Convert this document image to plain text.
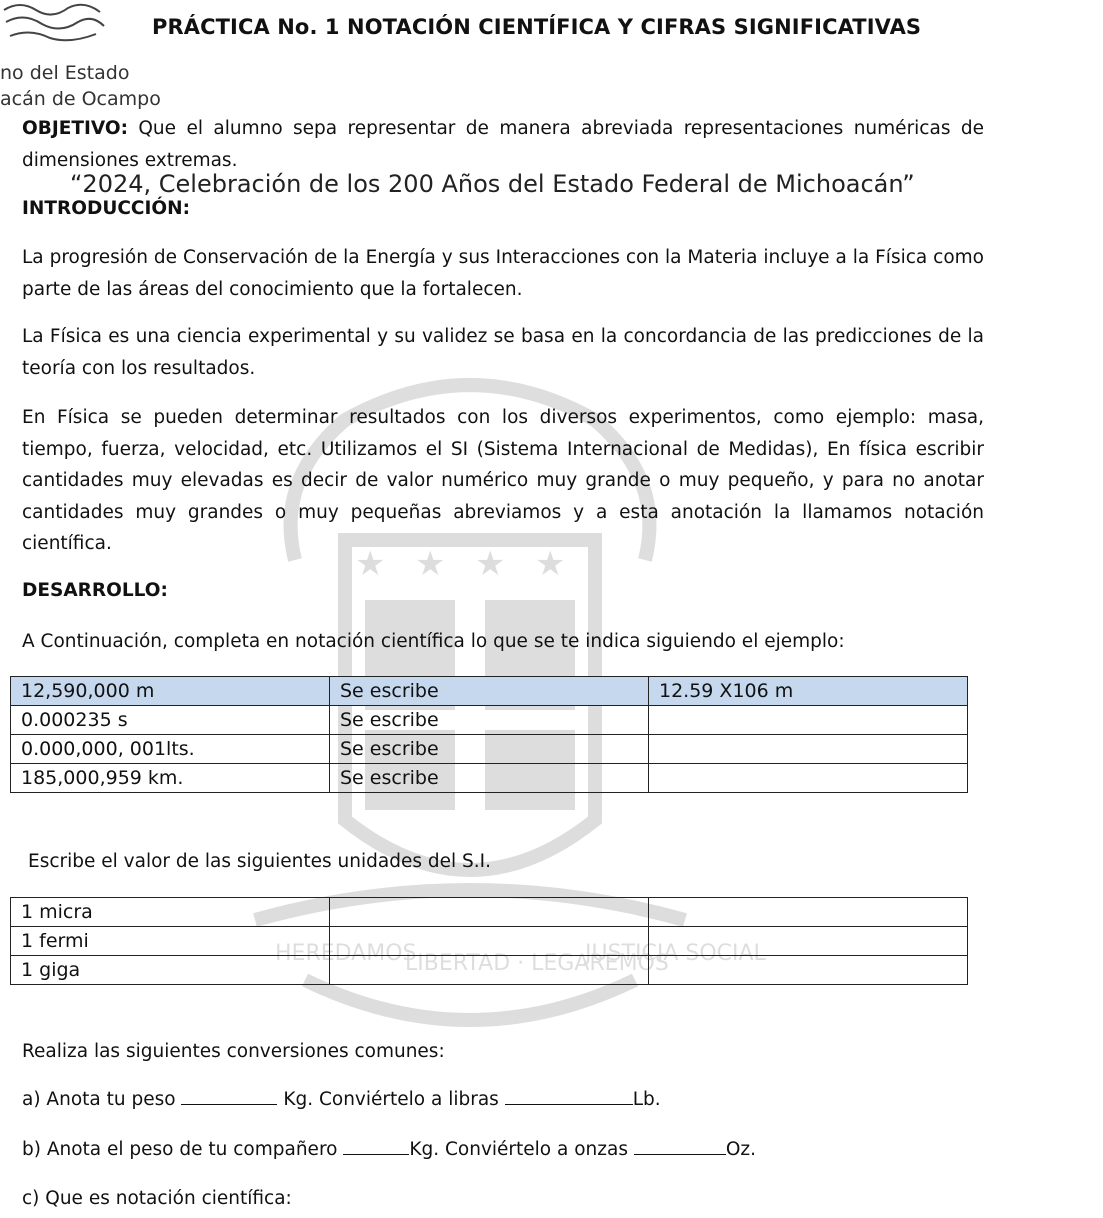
★ ★ ★ ★
HEREDAMOS
LIBERTAD · LEGAREMOS
JUSTICIA SOCIAL
no del Estado
acán de Ocampo
PRÁCTICA No. 1 NOTACIÓN CIENTÍFICA Y CIFRAS SIGNIFICATIVAS
OBJETIVO: Que el alumno sepa representar de manera abreviada representaciones numéricas de dimensiones extremas.
“2024, Celebración de los 200 Años del Estado Federal de Michoacán”
INTRODUCCIÓN:
La progresión de Conservación de la Energía y sus Interacciones con la Materia incluye a la Física como parte de las áreas del conocimiento que la fortalecen.
La Física es una ciencia experimental y su validez se basa en la concordancia de las predicciones de la teoría con los resultados.
En Física se pueden determinar resultados con los diversos experimentos, como ejemplo: masa, tiempo, fuerza, velocidad, etc. Utilizamos el SI (Sistema Internacional de Medidas), En física escribir cantidades muy elevadas es decir de valor numérico muy grande o muy pequeño, y para no anotar cantidades muy grandes o muy pequeñas abreviamos y a esta anotación la llamamos notación científica.
DESARROLLO:
A Continuación, completa en notación científica lo que se te indica siguiendo el ejemplo:
12,590,000 m	Se escribe	12.59 X106 m
0.000235 s	Se escribe	
0.000,000, 001lts.	Se escribe	
185,000,959 km.	Se escribe	
Escribe el valor de las siguientes unidades del S.I.
1 micra		
1 fermi		
1 giga		
Realiza las siguientes conversiones comunes:
a) Anota tu peso	Kg. Conviértelo a libras	Lb.
b) Anota el peso de tu compañero	Kg. Conviértelo a onzas	Oz.
c) Que es notación científica:
